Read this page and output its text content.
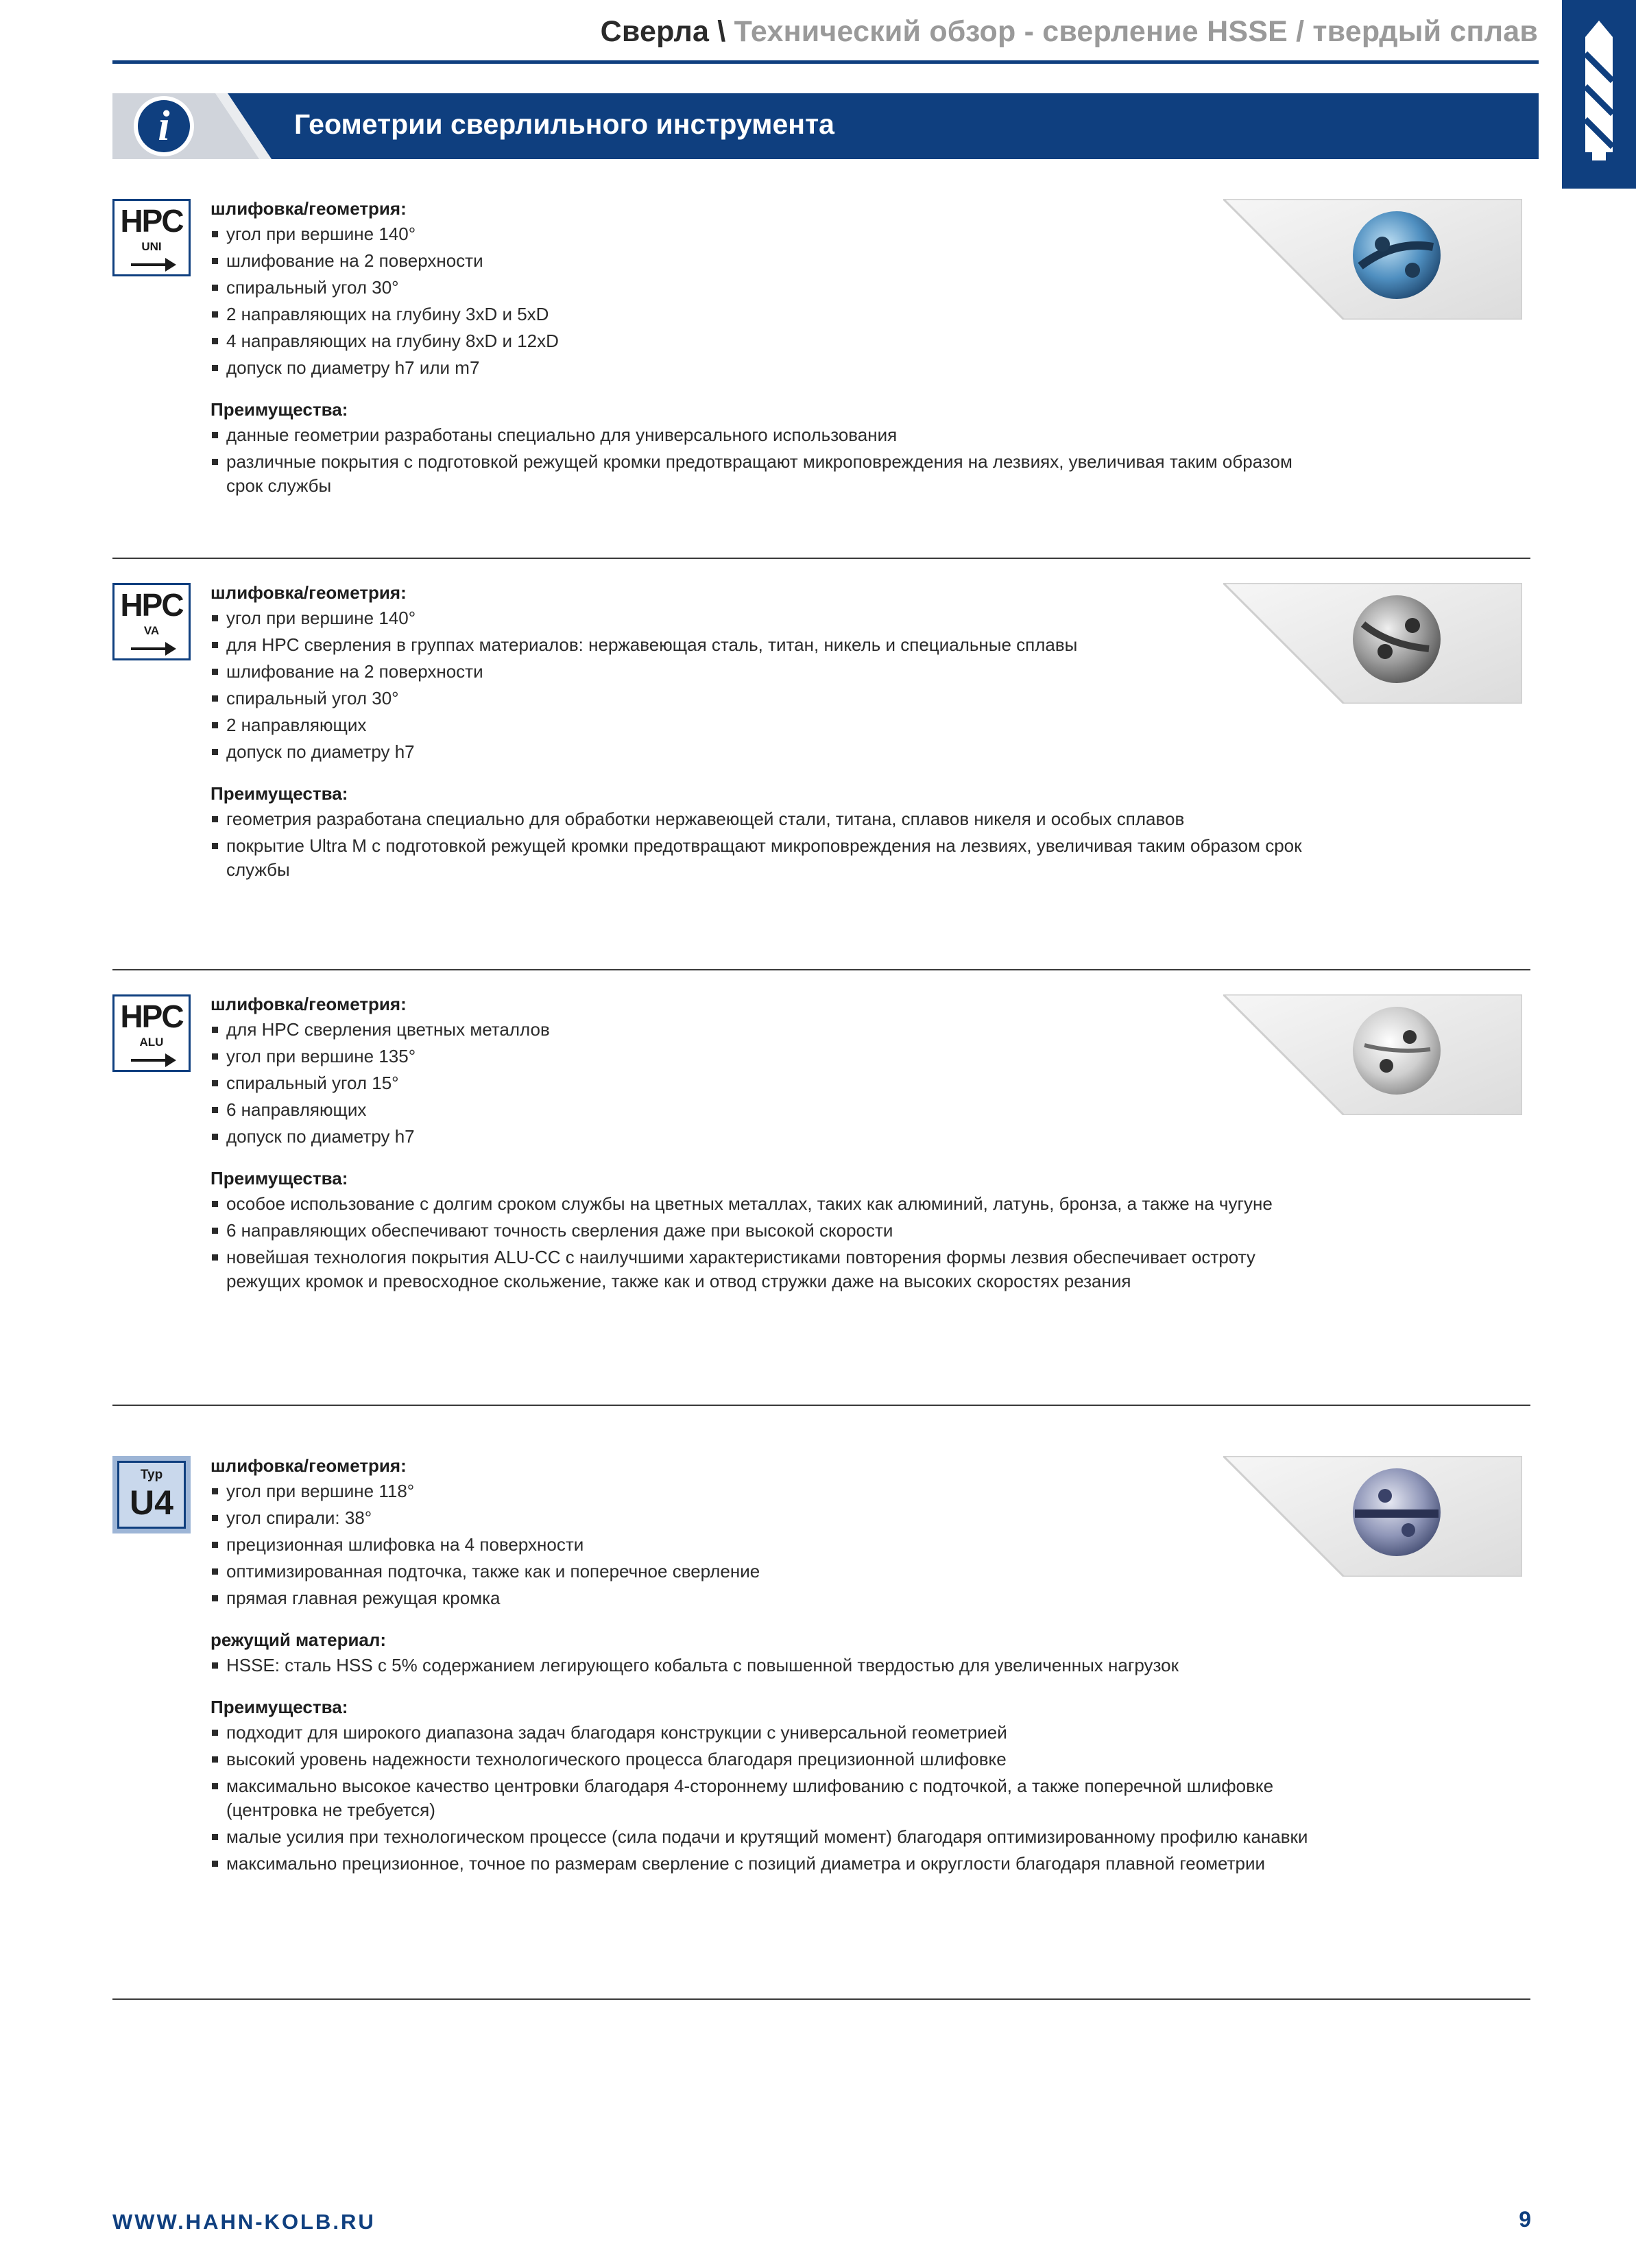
Сверла \ Технический обзор - сверление HSSE / твердый сплав
i	Геометрии сверлильного инструмента
HPC
UNI

шлифовка/геометрия:

угол при вершине 140°
шлифование на 2 поверхности
спиральный угол 30°
2 направляющих на глубину 3xD и 5xD
4 направляющих на глубину 8xD и 12xD
допуск по диаметру h7 или m7

Преимущества:

данные геометрии разработаны специально для универсального использования
различные покрытия с подготовкой режущей кромки предотвращают микроповреждения на лезвиях, увеличивая таким образом срок службы
HPC
VA

шлифовка/геометрия:

угол при вершине 140°
для HPC сверления в группах материалов: нержавеющая сталь, титан, никель и специальные сплавы
шлифование на 2 поверхности
спиральный угол 30°
2 направляющих
допуск по диаметру h7

Преимущества:

геометрия разработана специально для обработки нержавеющей стали, титана, сплавов никеля и особых сплавов
покрытие Ultra M с подготовкой режущей кромки предотвращают микроповреждения на лезвиях, увеличивая таким образом срок службы
HPC
ALU

шлифовка/геометрия:

для HPC сверления цветных металлов
угол при вершине 135°
спиральный угол 15°
6 направляющих
допуск по диаметру h7

Преимущества:

особое использование с долгим сроком службы на цветных металлах, таких как алюминий, латунь, бронза, а также на чугуне
6 направляющих обеспечивают точность сверления даже при высокой скорости
новейшая технология покрытия ALU-CC с наилучшими характеристиками повторения формы лезвия обеспечивает остроту режущих кромок и превосходное скольжение, также как и отвод стружки даже на высоких скоростях резания
Typ
U4

шлифовка/геометрия:

угол при вершине 118°
угол спирали: 38°
прецизионная шлифовка на 4 поверхности
оптимизированная подточка, также как и поперечное сверление
прямая главная режущая кромка

режущий материал:

HSSE: сталь HSS с 5% содержанием легирующего кобальта с повышенной твердостью для увеличенных нагрузок

Преимущества:

подходит для широкого диапазона задач благодаря конструкции с универсальной геометрией
высокий уровень надежности технологического процесса благодаря прецизионной шлифовке
максимально высокое качество центровки благодаря 4-стороннему шлифованию с подточкой, а также поперечной шлифовке (центровка не требуется)
малые усилия при технологическом процессе (сила подачи и крутящий момент) благодаря оптимизированному профилю канавки
максимально прецизионное, точное по размерам сверление с позиций диаметра и округлости благодаря плавной геометрии

WWW.HAHN-KOLB.RU	9
